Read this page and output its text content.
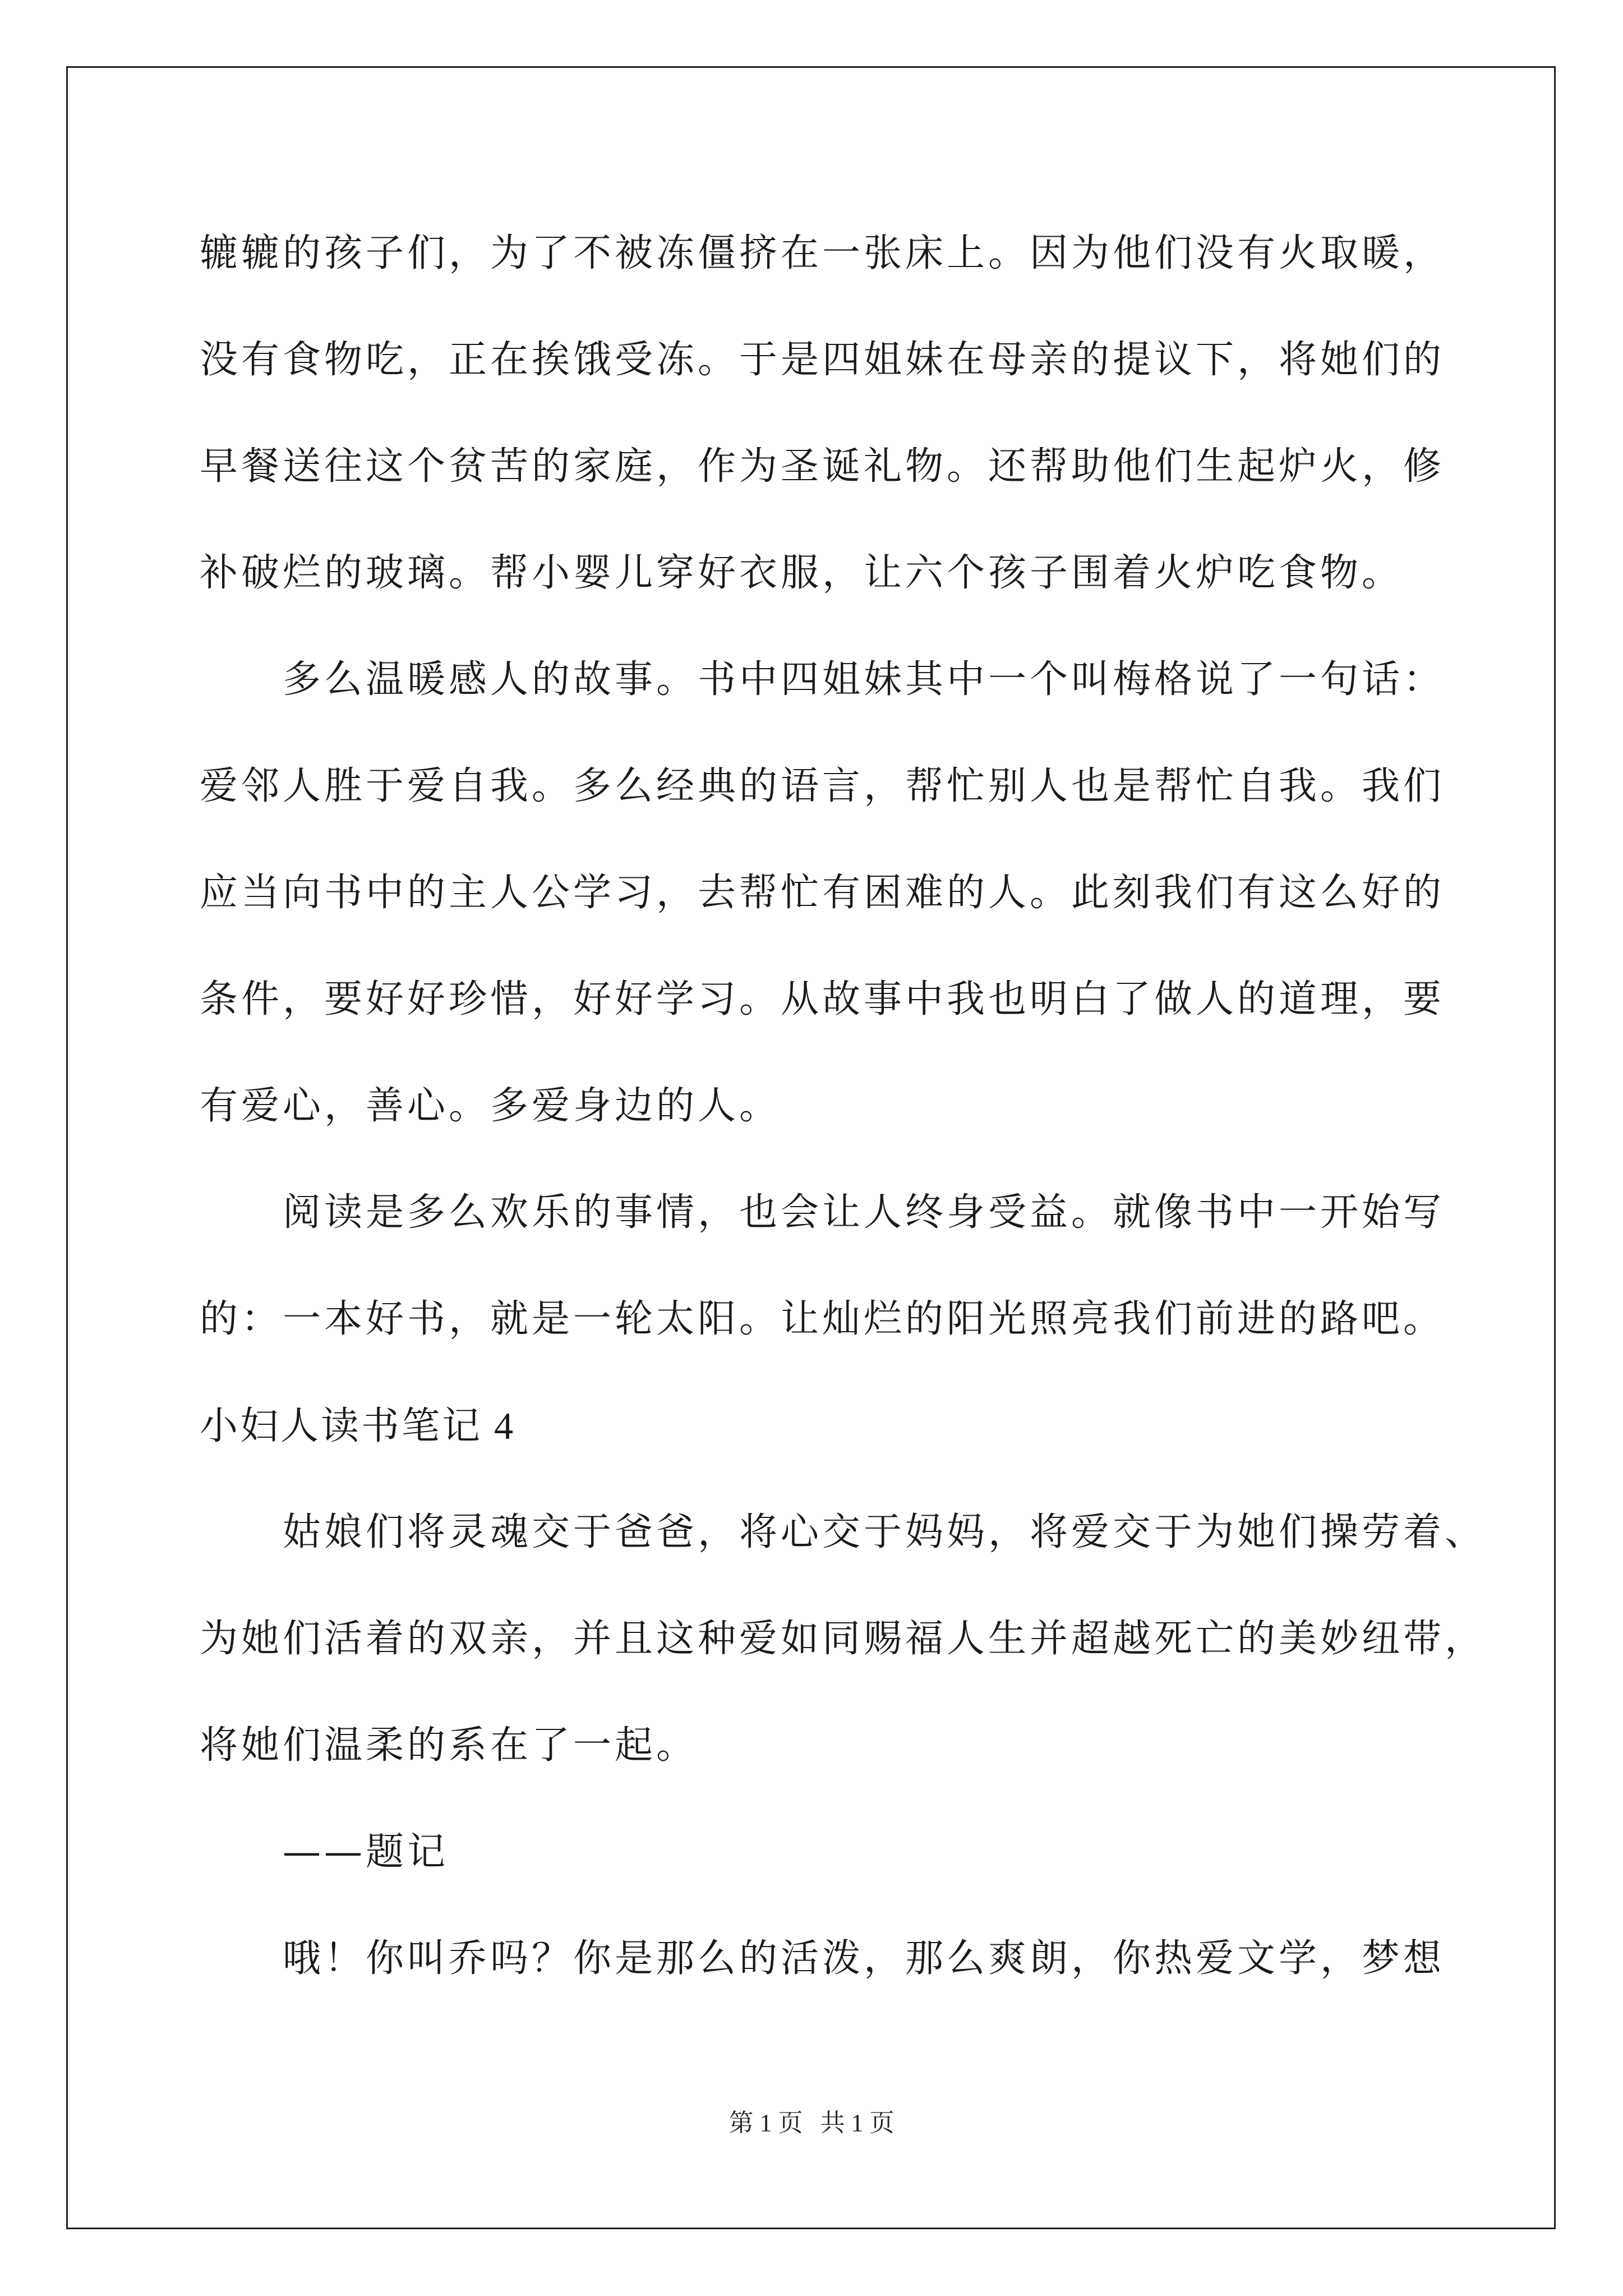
辘辘的孩子们，为了不被冻僵挤在一张床上。因为他们没有火取暖，
没有食物吃，正在挨饿受冻。于是四姐妹在母亲的提议下，将她们的
早餐送往这个贫苦的家庭，作为圣诞礼物。还帮助他们生起炉火，修
补破烂的玻璃。帮小婴儿穿好衣服，让六个孩子围着火炉吃食物。
多么温暖感人的故事。书中四姐妹其中一个叫梅格说了一句话：
爱邻人胜于爱自我。多么经典的语言，帮忙别人也是帮忙自我。我们
应当向书中的主人公学习，去帮忙有困难的人。此刻我们有这么好的
条件，要好好珍惜，好好学习。从故事中我也明白了做人的道理，要
有爱心，善心。多爱身边的人。
阅读是多么欢乐的事情，也会让人终身受益。就像书中一开始写
的：一本好书，就是一轮太阳。让灿烂的阳光照亮我们前进的路吧。
小妇人读书笔记 4
姑娘们将灵魂交于爸爸，将心交于妈妈，将爱交于为她们操劳着、
为她们活着的双亲，并且这种爱如同赐福人生并超越死亡的美妙纽带，
将她们温柔的系在了一起。
——题记
哦！你叫乔吗？你是那么的活泼，那么爽朗，你热爱文学，梦想
第 1 页 共 1 页
